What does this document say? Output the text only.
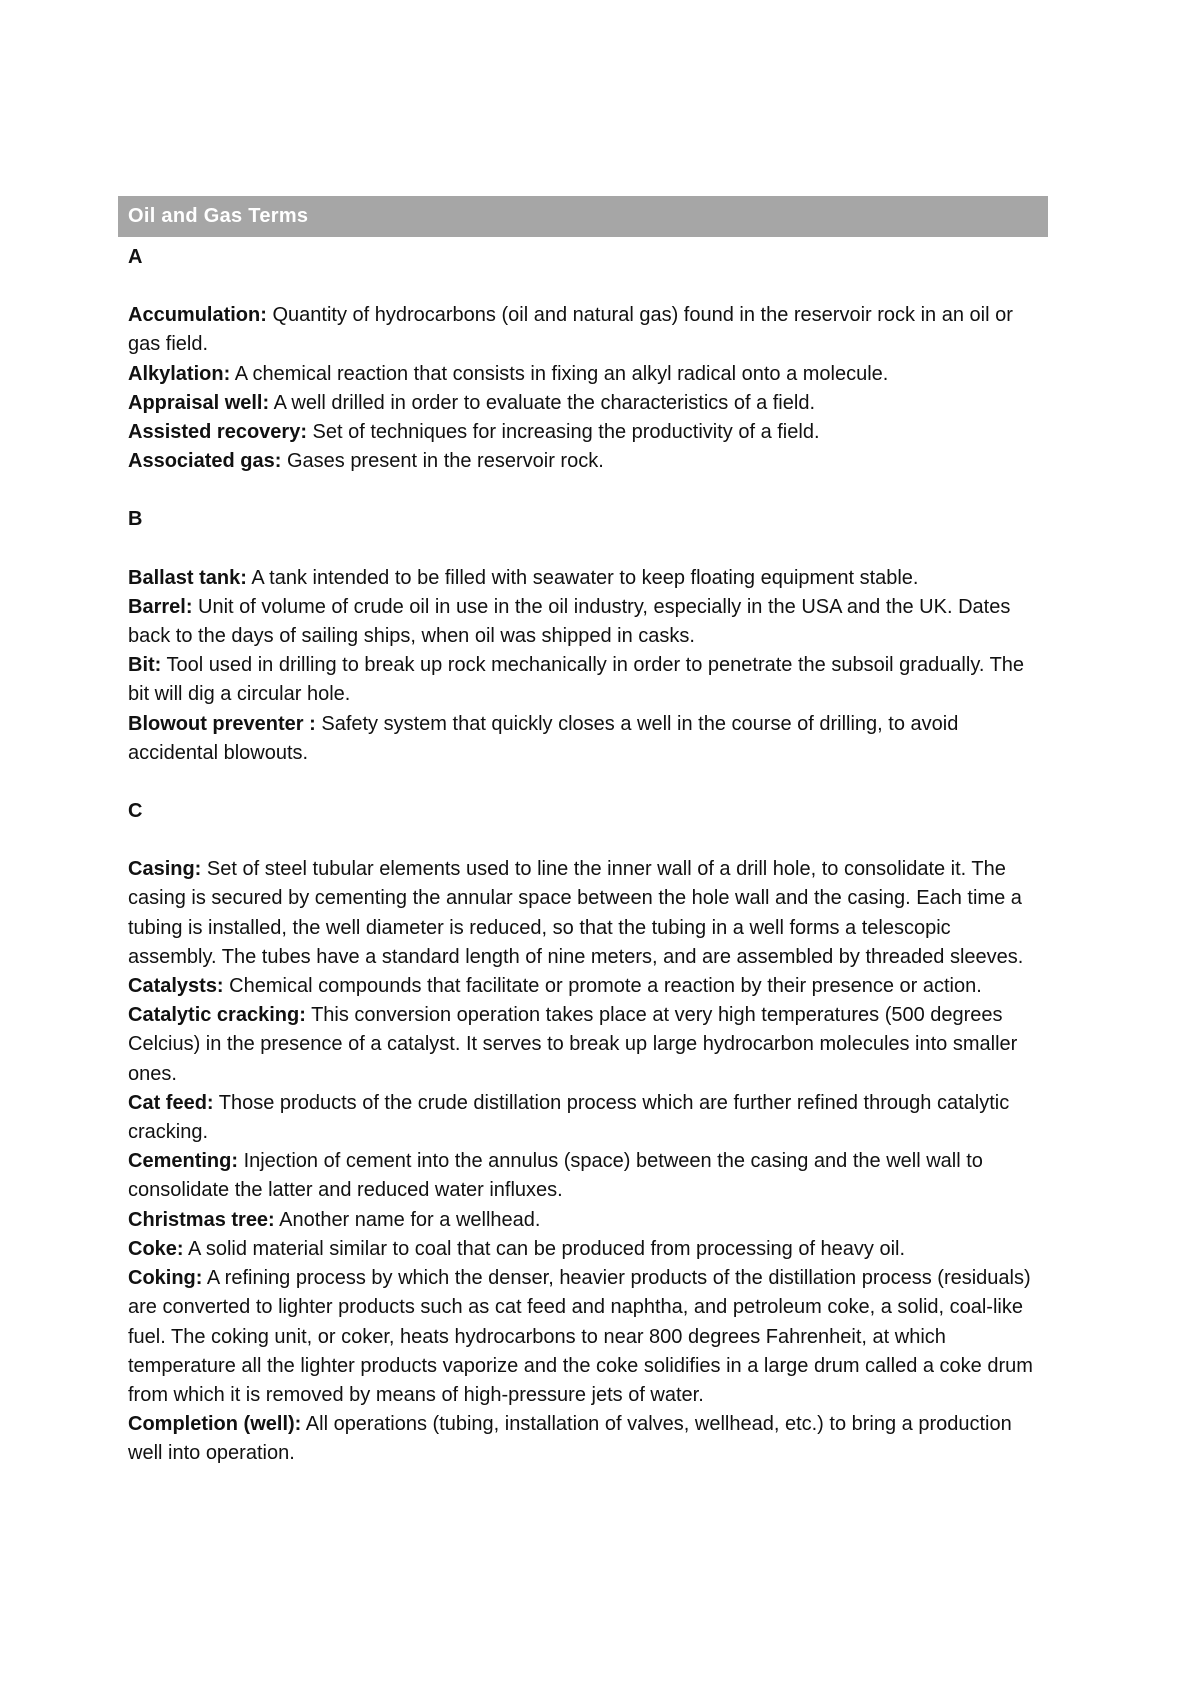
Oil and Gas Terms
A

Accumulation: Quantity of hydrocarbons (oil and natural gas) found in the reservoir rock in an oil or gas field.

Alkylation: A chemical reaction that consists in fixing an alkyl radical onto a molecule.

Appraisal well: A well drilled in order to evaluate the characteristics of a field.

Assisted recovery: Set of techniques for increasing the productivity of a field.

Associated gas: Gases present in the reservoir rock.

B

Ballast tank: A tank intended to be filled with seawater to keep floating equipment stable.

Barrel: Unit of volume of crude oil in use in the oil industry, especially in the USA and the UK. Dates back to the days of sailing ships, when oil was shipped in casks.

Bit: Tool used in drilling to break up rock mechanically in order to penetrate the subsoil gradually. The bit will dig a circular hole.

Blowout preventer : Safety system that quickly closes a well in the course of drilling, to avoid accidental blowouts.

C

Casing: Set of steel tubular elements used to line the inner wall of a drill hole, to consolidate it. The casing is secured by cementing the annular space between the hole wall and the casing. Each time a tubing is installed, the well diameter is reduced, so that the tubing in a well forms a telescopic assembly. The tubes have a standard length of nine meters, and are assembled by threaded sleeves.

Catalysts: Chemical compounds that facilitate or promote a reaction by their presence or action.

Catalytic cracking: This conversion operation takes place at very high temperatures (500 degrees Celcius) in the presence of a catalyst. It serves to break up large hydrocarbon molecules into smaller ones.

Cat feed: Those products of the crude distillation process which are further refined through catalytic cracking.

Cementing: Injection of cement into the annulus (space) between the casing and the well wall to consolidate the latter and reduced water influxes.

Christmas tree: Another name for a wellhead.

Coke: A solid material similar to coal that can be produced from processing of heavy oil.

Coking: A refining process by which the denser, heavier products of the distillation process (residuals) are converted to lighter products such as cat feed and naphtha, and petroleum coke, a solid, coal-like fuel. The coking unit, or coker, heats hydrocarbons to near 800 degrees Fahrenheit, at which temperature all the lighter products vaporize and the coke solidifies in a large drum called a coke drum from which it is removed by means of high-pressure jets of water.

Completion (well): All operations (tubing, installation of valves, wellhead, etc.) to bring a production well into operation.
